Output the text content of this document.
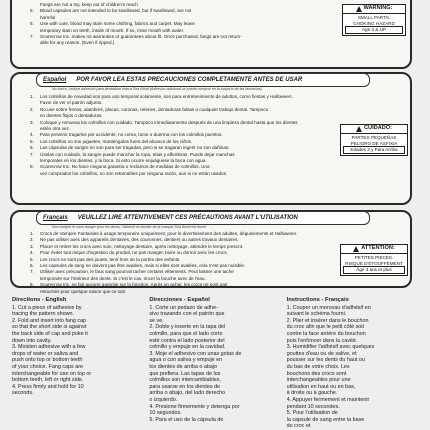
Fangs are not a toy, keep out of children's reach
5. Blood capsules are not intended to be swallowed, but if swallowed, are not
harmful
6. Use with care, blood may stain some clothing, fabrics and carpet. May leave
temporary stain on teeth, inside of mouth. If so, rinse mouth with water.
7. Scarecrow Inc. makes no warranties or guarantees about fit. Once purchased, fangs are not return-
able for any reason. (Even if ripped.)
WARNING:
SMALL PARTS.
CHOKING HAZARD
Age 3 & UP
Español POR FAVOR LEA ESTAS PRECAUCIONES COMPLETAMENTE ANTES DE USAR
No tóxico, incluye adhesivo para dentadura marca Sea Bond (Adhesivo adicional se puede comprar en la mayoría de las farmacias)
1. Los colmillos de novedad son para uso temporal solamente, son para entretenimiento de adultos, como fiestas y Halloween.
Favor de ver el patrón adjunto.
2. No use sobre frenos, alambres, placas, coronas, retenes, dentaduras falsas o cualquier trabajo dental. Tampoco
en dientes flojos o dentaduras.
3. Coloque y remueva los colmillos con cuidado. Tampoco inmediatamente después de una limpieza dental hasta que los dientes
estén otra vez.
4. Para prevenir tragarlos por accidente, no coma, tome o duerma con los colmillos puestos.
5. Los colmillos no son juguetes, manténgalos fuera del alcance de los niños.
6. Las cápsulas de sangre no son para ser tragadas, pero si se tragaran ingerir no son dañinas.
7. Úselas con cuidado, la sangre puede manchar la ropa, telas y alfombras. Puede dejar manchas
temporales en los dientes, y la boca. Si esto ocurre enjuáguese la boca con agua.
8. Scarecrow Inc. No hace ninguna garantía o reclamos de medidas de colmillos. Una
vez comprados los colmillos, no son retornables por ninguna razón, aun si no están usados.
CUIDADO:
PARTES PEQUEÑAS
PELIGRO DE ASFIXIA
Edades 3 y Para Arriba
Français VEUILLEZ LIRE ATTENTIVEMENT CES PRÉCAUTIONS AVANT L'UTILISATION
Non toxique et sans danger pour les dents, l'adhésif du dentier de la marque Sea Bond est fourni
1. Crocs de Vampire Fantaisies à usage temporaire uniquement, pour le divertissement des adultes, déguisements et Halloween.
2. Ne pas utiliser avec des appareils dentaires, des couronnes, dentiers ou autres travaux dentaires.
3. Placer et retirer les crocs avec soin, nettoyage dentaire, après nettoyage, attendre le temps prescrit.
4. Pour éviter tout risque d'ingestion du produit, ne pas manger, boire ou dormir avec les crocs.
5. Les crocs ne sont pas des jouets, tenir hors de la portée des enfants.
6. Les capsules de sang ne doivent pas être avalées, mais si elles sont avalées, cela n'est pas nuisible.
7. Utiliser avec précaution, le faux sang pourrait tacher certains vêtements. Peut laisser une tache
temporaire sur l'intérieur des dents. Si c'est le cas, rincer la bouche avec de l'eau.
8. Scarecrow Inc. ne fait aucune garantie sur la fonction. Après un achat, les crocs ne sont pas
retournés pour quelque raison que ce soit.
ATTENTION:
PETITES PIECES.
RISQUE D'ÉTOUFFEMENT
Âge 3 ans et plus
Directions - English
1. Cut a piece of adhesive by
tracing the pattern shown.
2. Fold and insert into fang cap
so that the short side is against
the back side of cap and poke it
down into cavity.
3. Moisten adhesive with a few
drops of water or saliva and
push onto top or bottom teeth
of your choice. Fang caps are
interchangeable for use on top or
bottom teeth, left or right side.
4. Press firmly and hold for 10
seconds.
Direcciones - Español
1. Corte un pedazo de adhe-
sivo trazando con el patrón que
se ve.
2. Doble y inserte en la tapa del
colmillo, para que el lado corto
esté contra el lado posterior del
colmillo y empuje en la cavidad.
3. Moje el adhesivo con unas gotas de
agua o con saliva y empuje en
los dientes de arriba o abajo
que prefiera. Las tapas de los
colmillos son intercambiables,
para usarse en los dientes de
arriba o abajo, del lado derecho
o izquierdo.
4. Presione firmemente y detenga por
10 segundos.
5. Para el uso de la cápsula de
Instructions - Français
1. Couper un morceau d'adhésif en
suivant le schéma fourni.
2. Plier et insérer dans le bouchon
du croc afin que le petit côté soit
contre la face arrière du bouchon
puis l'enfoncer dans la cavité.
3. Humidifier l'adhésif avec quelques
gouttes d'eau ou de salive, et
pousser sur les dents du haut ou
du bas de votre choix. Les
bouchons des crocs sont
interchangeables pour une
utilisation en haut ou en bas,
à droite ou à gauche.
4. Appuyer fermement et maintenir
pendant 10 secondes.
5. Pour l'utilisation de
la capsule de sang entre la base
du croc et
